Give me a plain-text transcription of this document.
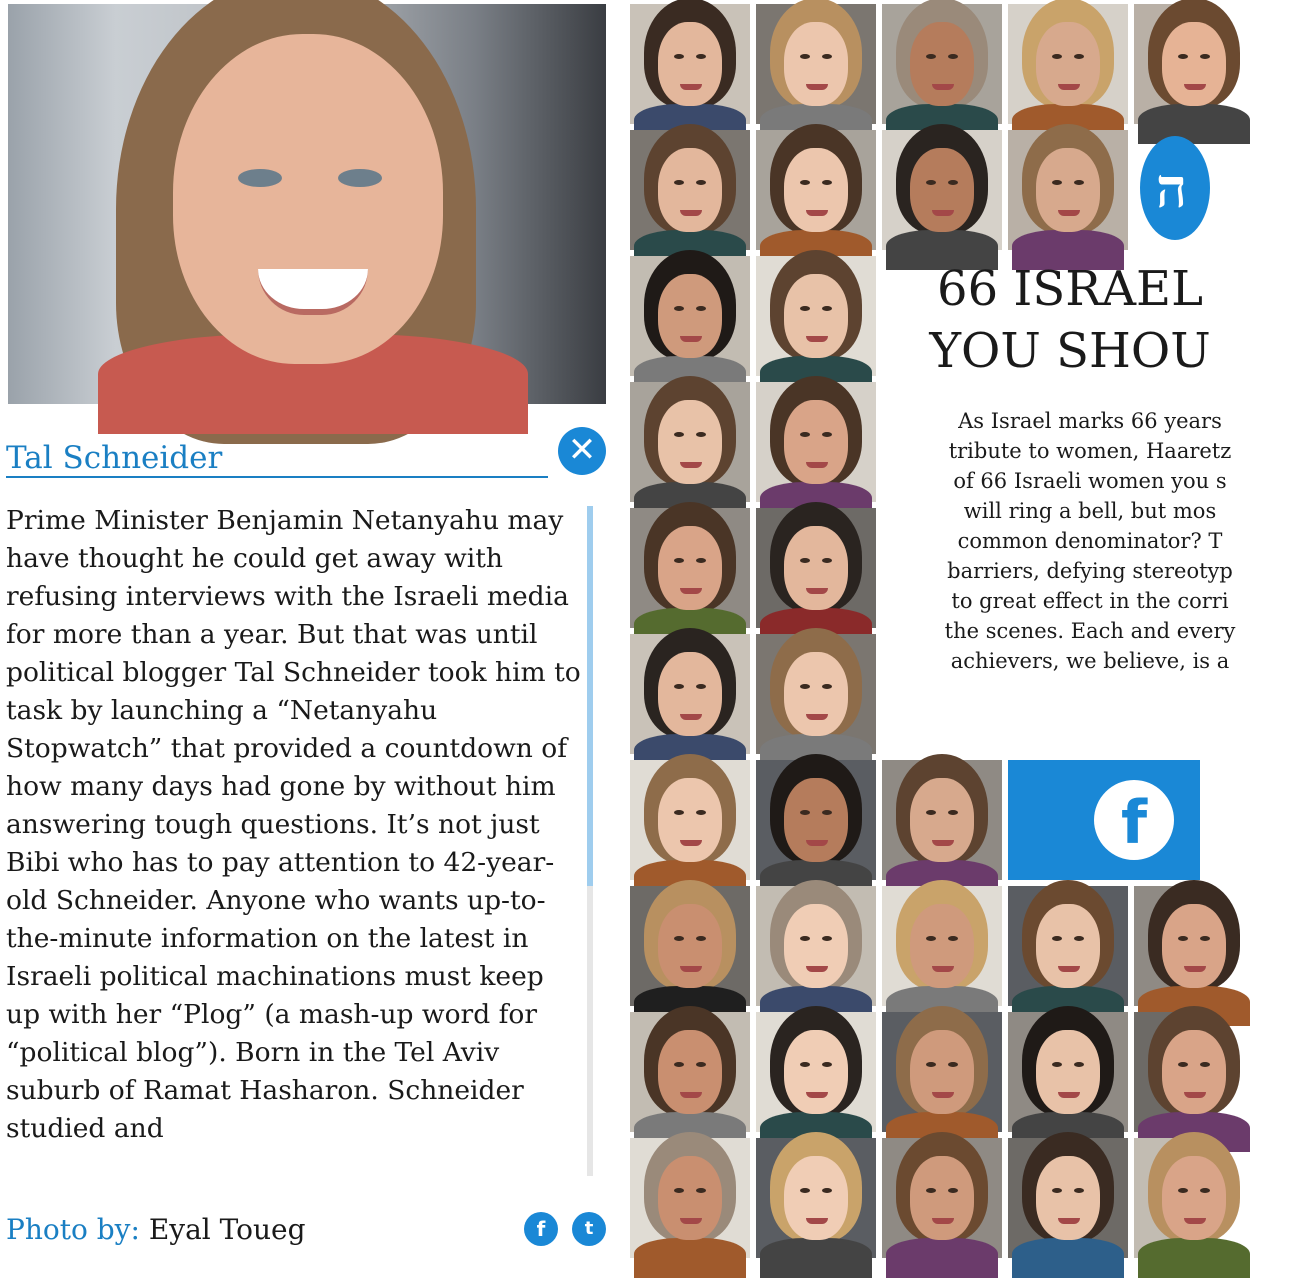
Tal Schneider	✕

Prime Minister Benjamin Netanyahu may have thought he could get away with refusing interviews with the Israeli media for more than a year. But that was until political blogger Tal Schneider took him to task by launching a “Netanyahu Stopwatch” that provided a countdown of how many days had gone by without him answering tough questions. It’s not just Bibi who has to pay attention to 42-year-old Schneider. Anyone who wants up-to-the-minute information on the latest in Israeli political machinations must keep up with her “Plog” (a mash-up word for “political blog”). Born in the Tel Aviv suburb of Ramat Hasharon. Schneider studied and

Photo by: Eyal Toueg	f	t
ה
66 ISRAEL
YOU SHOU
As Israel marks 66 years
tribute to women, Haaretz
of 66 Israeli women you s
will ring a bell, but mos
common denominator? T
barriers, defying stereotyp
to great effect in the corri
the scenes. Each and every
achievers, we believe, is a
f
